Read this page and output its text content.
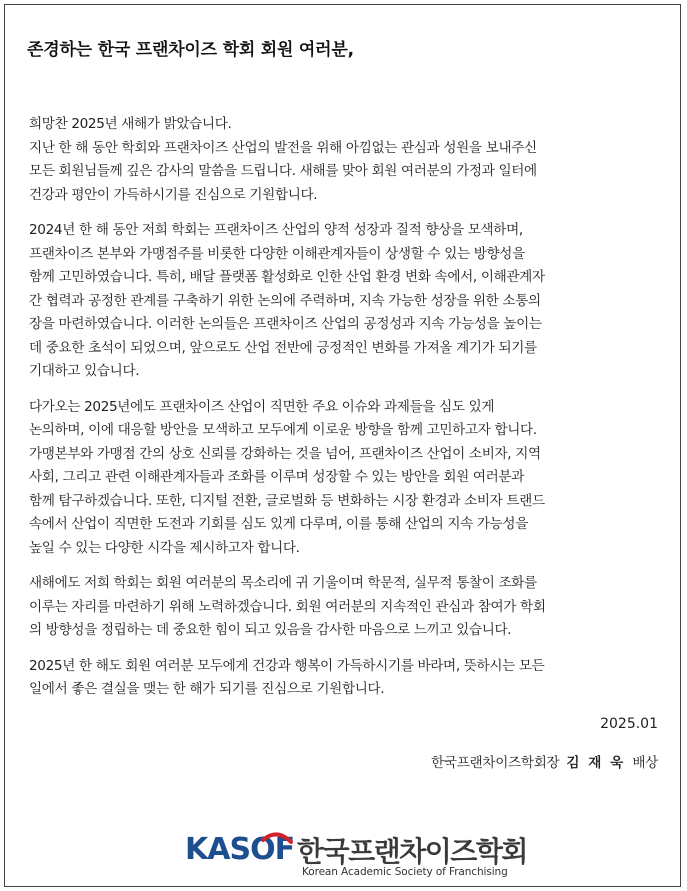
존경하는 한국 프랜차이즈 학회 회원 여러분,

희망찬 2025년 새해가 밝았습니다.
지난 한 해 동안 학회와 프랜차이즈 산업의 발전을 위해 아낌없는 관심과 성원을 보내주신
모든 회원님들께 깊은 감사의 말씀을 드립니다. 새해를 맞아 회원 여러분의 가정과 일터에
건강과 평안이 가득하시기를 진심으로 기원합니다.

2024년 한 해 동안 저희 학회는 프랜차이즈 산업의 양적 성장과 질적 향상을 모색하며,
프랜차이즈 본부와 가맹점주를 비롯한 다양한 이해관계자들이 상생할 수 있는 방향성을
함께 고민하였습니다. 특히, 배달 플랫폼 활성화로 인한 산업 환경 변화 속에서, 이해관계자
간 협력과 공정한 관계를 구축하기 위한 논의에 주력하며, 지속 가능한 성장을 위한 소통의
장을 마련하였습니다. 이러한 논의들은 프랜차이즈 산업의 공정성과 지속 가능성을 높이는
데 중요한 초석이 되었으며, 앞으로도 산업 전반에 긍정적인 변화를 가져올 계기가 되기를
기대하고 있습니다.

다가오는 2025년에도 프랜차이즈 산업이 직면한 주요 이슈와 과제들을 심도 있게
논의하며, 이에 대응할 방안을 모색하고 모두에게 이로운 방향을 함께 고민하고자 합니다.
가맹본부와 가맹점 간의 상호 신뢰를 강화하는 것을 넘어, 프랜차이즈 산업이 소비자, 지역
사회, 그리고 관련 이해관계자들과 조화를 이루며 성장할 수 있는 방안을 회원 여러분과
함께 탐구하겠습니다. 또한, 디지털 전환, 글로벌화 등 변화하는 시장 환경과 소비자 트랜드
속에서 산업이 직면한 도전과 기회를 심도 있게 다루며, 이를 통해 산업의 지속 가능성을
높일 수 있는 다양한 시각을 제시하고자 합니다.

새해에도 저희 학회는 회원 여러분의 목소리에 귀 기울이며 학문적, 실무적 통찰이 조화를
이루는 자리를 마련하기 위해 노력하겠습니다. 회원 여러분의 지속적인 관심과 참여가 학회
의 방향성을 정립하는 데 중요한 힘이 되고 있음을 감사한 마음으로 느끼고 있습니다.

2025년 한 해도 회원 여러분 모두에게 건강과 행복이 가득하시기를 바라며, 뜻하시는 모든
일에서 좋은 결실을 맺는 한 해가 되기를 진심으로 기원합니다.

2025.01
한국프랜차이즈학회장 김 재 욱 배상
KASOF 한국프랜차이즈학회
Korean Academic Society of Franchising
